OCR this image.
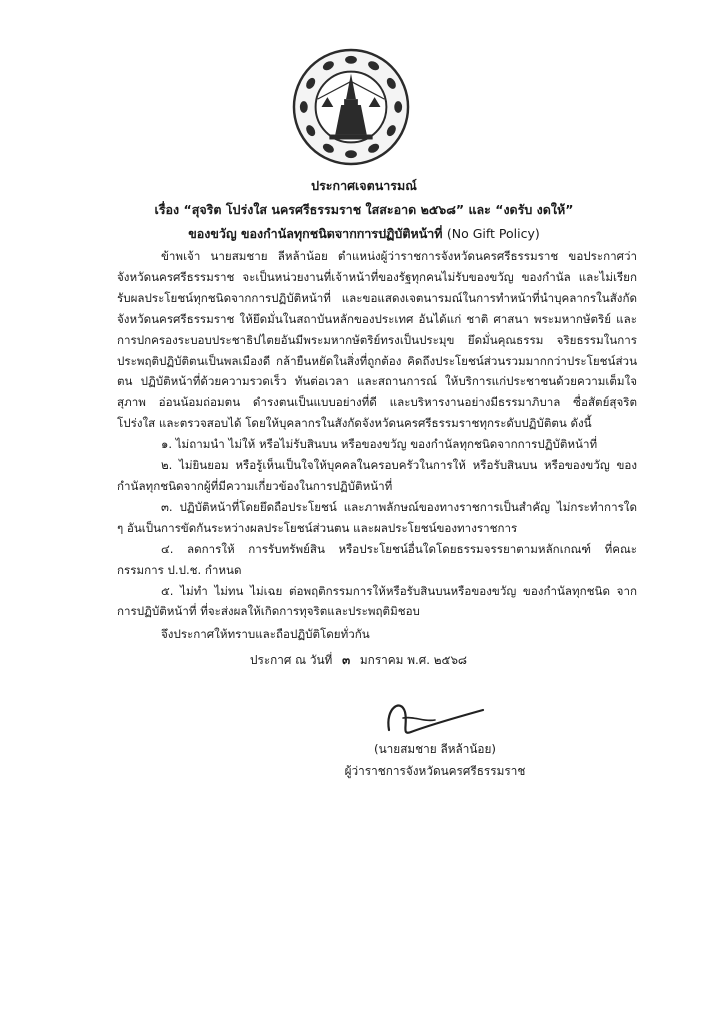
ประกาศเจตนารมณ์
เรื่อง “สุจริต โปร่งใส นครศรีธรรมราช ใสสะอาด ๒๕๖๘” และ “งดรับ งดให้”
ของขวัญ ของกำนัลทุกชนิดจากการปฏิบัติหน้าที่ (No Gift Policy)

ข้าพเจ้า นายสมชาย ลีหล้าน้อย ตำแหน่งผู้ว่าราชการจังหวัดนครศรีธรรมราช ขอประกาศว่า จังหวัดนครศรีธรรมราช จะเป็นหน่วยงานที่เจ้าหน้าที่ของรัฐทุกคนไม่รับของขวัญ ของกำนัล และไม่เรียกรับผลประโยชน์ทุกชนิดจากการปฏิบัติหน้าที่ และขอแสดงเจตนารมณ์ในการทำหน้าที่นำบุคลากรในสังกัดจังหวัดนครศรีธรรมราช ให้ยึดมั่นในสถาบันหลักของประเทศ อันได้แก่ ชาติ ศาสนา พระมหากษัตริย์ และการปกครองระบอบประชาธิปไตยอันมีพระมหากษัตริย์ทรงเป็นประมุข ยึดมั่นคุณธรรม จริยธรรมในการประพฤติปฏิบัติตนเป็นพลเมืองดี กล้ายืนหยัดในสิ่งที่ถูกต้อง คิดถึงประโยชน์ส่วนรวมมากกว่าประโยชน์ส่วนตน ปฏิบัติหน้าที่ด้วยความรวดเร็ว ทันต่อเวลา และสถานการณ์ ให้บริการแก่ประชาชนด้วยความเต็มใจ สุภาพ อ่อนน้อมถ่อมตน ดำรงตนเป็นแบบอย่างที่ดี และบริหารงานอย่างมีธรรมาภิบาล ซื่อสัตย์สุจริต โปร่งใส และตรวจสอบได้ โดยให้บุคลากรในสังกัดจังหวัดนครศรีธรรมราชทุกระดับปฏิบัติตน ดังนี้

๑. ไม่ถามนำ ไม่ให้ หรือไม่รับสินบน หรือของขวัญ ของกำนัลทุกชนิดจากการปฏิบัติหน้าที่

๒. ไม่ยินยอม หรือรู้เห็นเป็นใจให้บุคคลในครอบครัวในการให้ หรือรับสินบน หรือของขวัญ ของกำนัลทุกชนิดจากผู้ที่มีความเกี่ยวข้องในการปฏิบัติหน้าที่

๓. ปฏิบัติหน้าที่โดยยึดถือประโยชน์ และภาพลักษณ์ของทางราชการเป็นสำคัญ ไม่กระทำการใด ๆ อันเป็นการขัดกันระหว่างผลประโยชน์ส่วนตน และผลประโยชน์ของทางราชการ

๔. ลดการให้ การรับทรัพย์สิน หรือประโยชน์อื่นใดโดยธรรมจรรยาตามหลักเกณฑ์ ที่คณะกรรมการ ป.ป.ช. กำหนด

๕. ไม่ทำ ไม่ทน ไม่เฉย ต่อพฤติกรรมการให้หรือรับสินบนหรือของขวัญ ของกำนัลทุกชนิด จากการปฏิบัติหน้าที่ ที่จะส่งผลให้เกิดการทุจริตและประพฤติมิชอบ

จึงประกาศให้ทราบและถือปฏิบัติโดยทั่วกัน

ประกาศ ณ วันที่ ๓ มกราคม พ.ศ. ๒๕๖๘
(นายสมชาย ลีหล้าน้อย)
ผู้ว่าราชการจังหวัดนครศรีธรรมราช
